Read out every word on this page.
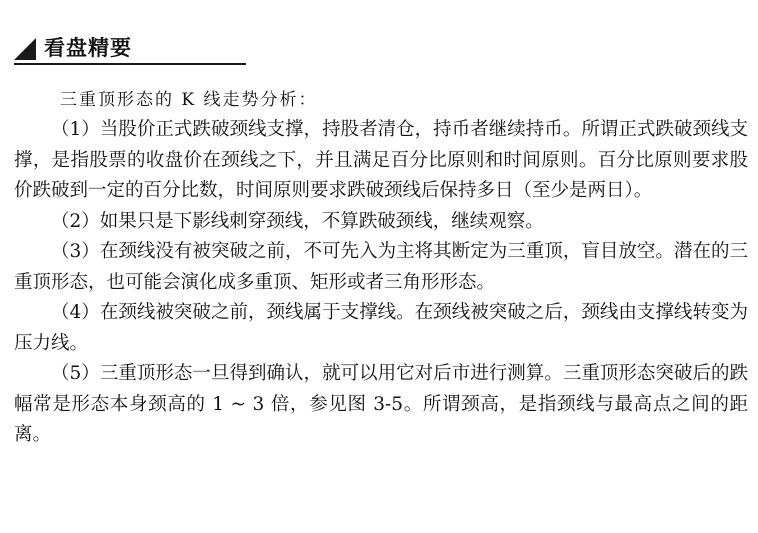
看盘精要
三重顶形态的 K 线走势分析：

（1）当股价正式跌破颈线支撑，持股者清仓，持币者继续持币。所谓正式跌破颈线支撑，是指股票的收盘价在颈线之下，并且满足百分比原则和时间原则。百分比原则要求股价跌破到一定的百分比数，时间原则要求跌破颈线后保持多日（至少是两日）。

（2）如果只是下影线刺穿颈线，不算跌破颈线，继续观察。

（3）在颈线没有被突破之前，不可先入为主将其断定为三重顶，盲目放空。潜在的三重顶形态，也可能会演化成多重顶、矩形或者三角形形态。

（4）在颈线被突破之前，颈线属于支撑线。在颈线被突破之后，颈线由支撑线转变为压力线。

（5）三重顶形态一旦得到确认，就可以用它对后市进行测算。三重顶形态突破后的跌幅常是形态本身颈高的 1 ~ 3 倍，参见图 3-5。所谓颈高，是指颈线与最高点之间的距离。
